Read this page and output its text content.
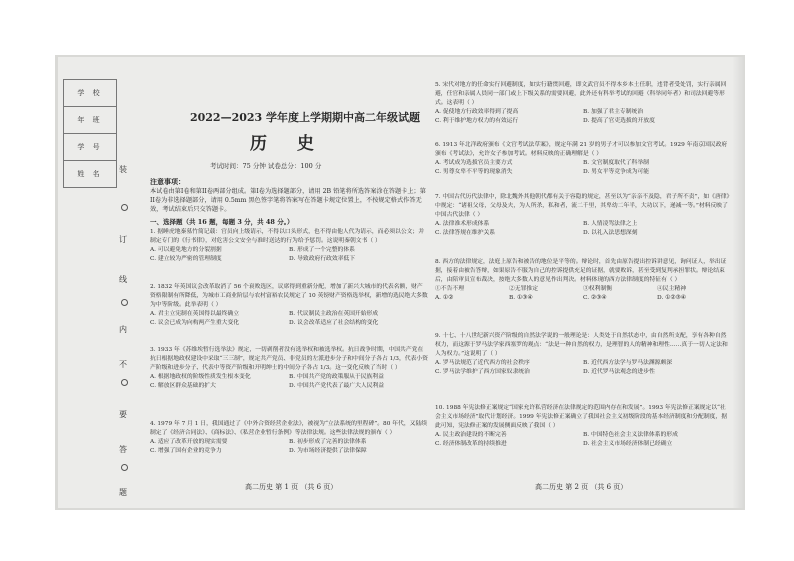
学 校
年 班
学 号
姓 名	装
订
线
内
不
要
答
题
2022—2023 学年度上学期期中高二年级试题
历 史
考试时间：75 分钟 试卷总分：100 分
注意事项：
本试卷由第I卷和第II卷两部分组成。第I卷为选择题部分，请用 2B 铅笔将所选答案涂在答题卡上；第II卷为非选择题部分，请用 0.5mm 黑色签字笔将答案写在答题卡规定位置上，不按规定格式作答无效，考试结束后只交答题卡。
一、选择题（共 16 题，每题 3 分，共 48 分。）
1. 据睡虎地秦墓竹简记载：官员向上级请示，不得以口头形式，也不得由他人代为请示，而必须以公文；并制定专门的《行书律》，对危害公文安全与准时送达的行为给予惩罚。这说明秦朝文书（ ）
A. 可以避免地方的分裂割据	B. 形成了一个完整的体系
C. 建立较为严密的管理制度	D. 导致政府行政效率低下
2. 1832 年英国议会改革取消了 56 个衰败选区，议席得到重新分配，增加了新兴大城市的代表名额，财产资格限制有所降低，为城市工商业阶层与农村富裕农民规定了 10 英镑财产资格选举权，新增的选民绝大多数为中等阶级。此举表明（ ）
A. 君主立宪制在英国得以最终确立	B. 代议制民主政治在英国开始形成
C. 议会已成为向构两产生重大变化	D. 议会改革适应了社会结构的变化
3. 1933 年《苏维埃暂行选举法》规定，一切剥削者没有选举权和被选举权。抗日战争时期，中国共产党在抗日根据地政权建设中采取“三三制”，规定共产党员、非党员的左派进步分子和中间分子各占 1/3，代表小资产阶级和进步分子、代表中等资产阶级和开明绅士的中间分子各占 1/3。这一变化反映了当时（ ）
A. 根据地政权的阶级性质发生根本变化	B. 中国共产党的政策服从于民族利益
C. 解放区群众基础的扩大	D. 中国共产党代表了最广大人民利益
4. 1979 年 7 月 1 日，我国通过了《中外合资经营企业法》，被视为“立法系统的里程碑”。80 年代，又陆续制定了《经济合同法》、《商标法》、《私营企业暂行条例》等法律法规。这些法律法规的颁布（ ）
A. 适应了改革开放的现实需要	B. 初步形成了完善的法律体系
C. 增强了国有企业的竞争力	D. 为市场经济提供了法律保障
高二历史 第 1 页 （共 6 页）
5. 宋代对地方的任命实行回避制度，如实行籍贯回避，即文武官员不得本乡本土任职，违背者受处罚，实行亲属回避，任官和亲属人員同一部门或上下级关系的需要回避，此外还有科举考试的回避（科举同年者）和司法回避等形式。这表明（ ）
A. 促使地方行政效率得到了提高	B. 加强了君主专制统治
C. 利于维护地方权力的有效运行	D. 提高了官吏选拔的开放度
6. 1913 年北洋政府颁布《文官考试法草案》，规定年满 21 岁的男子才可以参加文官考试。1929 年南京国民政府颁布《考试法》，允许女子参加考试。材料反映的正确理解是（ ）
A. 考试成为选拔官员主要方式	B. 文官制度取代了科举制
C. 男尊女卑不平等的现象消失	D. 男女平等竞争成为可能
7. 中国古代历代法律中，除北魏外其他朝代都有关于容隐的规定，甚至以为“亲亲不及隐，君子所不责”，如《唐律》中规定：“诸祖父母，父母及夫，为人所杀，私和者，流二千里，其卑幼二年半，大功以下，递减一等。”材料反映了中国古代法律（ ）
A. 法律准术形成体系	B. 人情凌驾法律之上
C. 法律答规在维护关系	D. 以礼入法思想深刻
8. 西方的法律规定，法庭上原告和被告的地位是平等的。辩论时，首先由原告提出控诉讲意见，询问证人，举出证据，接着由被告答辩，如果原告不服为自己的控诉提供充足的证据，就要败诉，甚至受到复判承担罪状。辩论结束后，由陪审员宣布裁决，按绝大多数人的意见作出判决。材料体现的西方法律制度的特征有（ ）
①不告不理	②无罪推定	③权利制衡	④民主精神
A. ①②	B. ①③④	C. ②③④	D. ①②③④
9. 十七、十八世纪新兴资产阶级的自然法学说的一般理论是：人类处于自然状态中，由自然所支配，享有各种自然权力，而这源于罗马法学家西塞罗的观点：“法是一种自然的权力，是理智的人的精神和理性……真于一切人定法和人为权力。”这说明了（ ）
A. 罗马法规范了近代西方的社会秩序	B. 近代西方法学与罗马法渊源颇深
C. 罗马法学维护了西方国家奴隶统治	D. 近代罗马法观念的进步性
10. 1988 年宪法修正案规定“国家允许私营经济在法律规定的范围内存在和发展”。1993 年宪法修正案规定以“社会主义市场经济”取代计划经济。1999 年宪法修正案确立了我国社会主义初级阶段的基本经济制度和分配制度，据此可知，宪法修正案的发展侧面反映了我国（ ）
A. 民主政治建设的不断完善	B. 中国特色社会主义法律体系的形成
C. 经济体制改革的持续推进	D. 社会主义市场经济体制已经确立
高二历史 第 2 页 （共 6 页）
